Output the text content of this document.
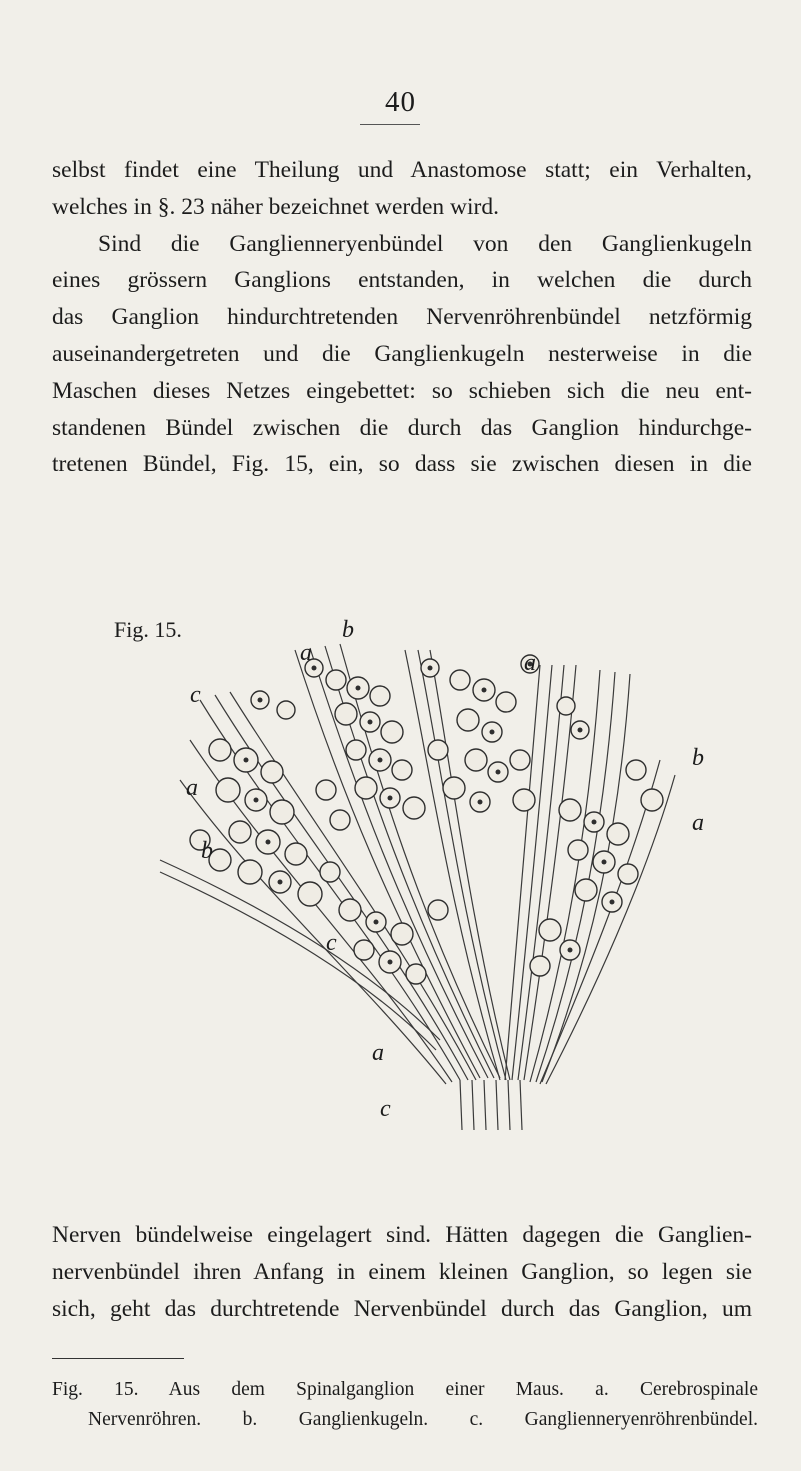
40
selbst findet eine Theilung und Anastomose statt; ein Verhalten,
welches in §. 23 näher bezeichnet werden wird.
Sind die Ganglienneryenbündel von den Ganglienkugeln
eines grössern Ganglions entstanden, in welchen die durch
das Ganglion hindurchtretenden Nervenröhrenbündel netzförmig
auseinandergetreten und die Ganglienkugeln nesterweise in die
Maschen dieses Netzes eingebettet: so schieben sich die neu ent-
standenen Bündel zwischen die durch das Ganglion hindurchge-
tretenen Bündel, Fig. 15, ein, so dass sie zwischen diesen in die
Fig. 15.
a
b
a
c
a
b
b
a
c
a
c
Nerven bündelweise eingelagert sind. Hätten dagegen die Ganglien-
nervenbündel ihren Anfang in einem kleinen Ganglion, so legen sie
sich, geht das durchtretende Nervenbündel durch das Ganglion, um
Fig. 15. Aus dem Spinalganglion einer Maus. a. Cerebrospinale
Nervenröhren. b. Ganglienkugeln. c. Ganglienneryenröhrenbündel.
